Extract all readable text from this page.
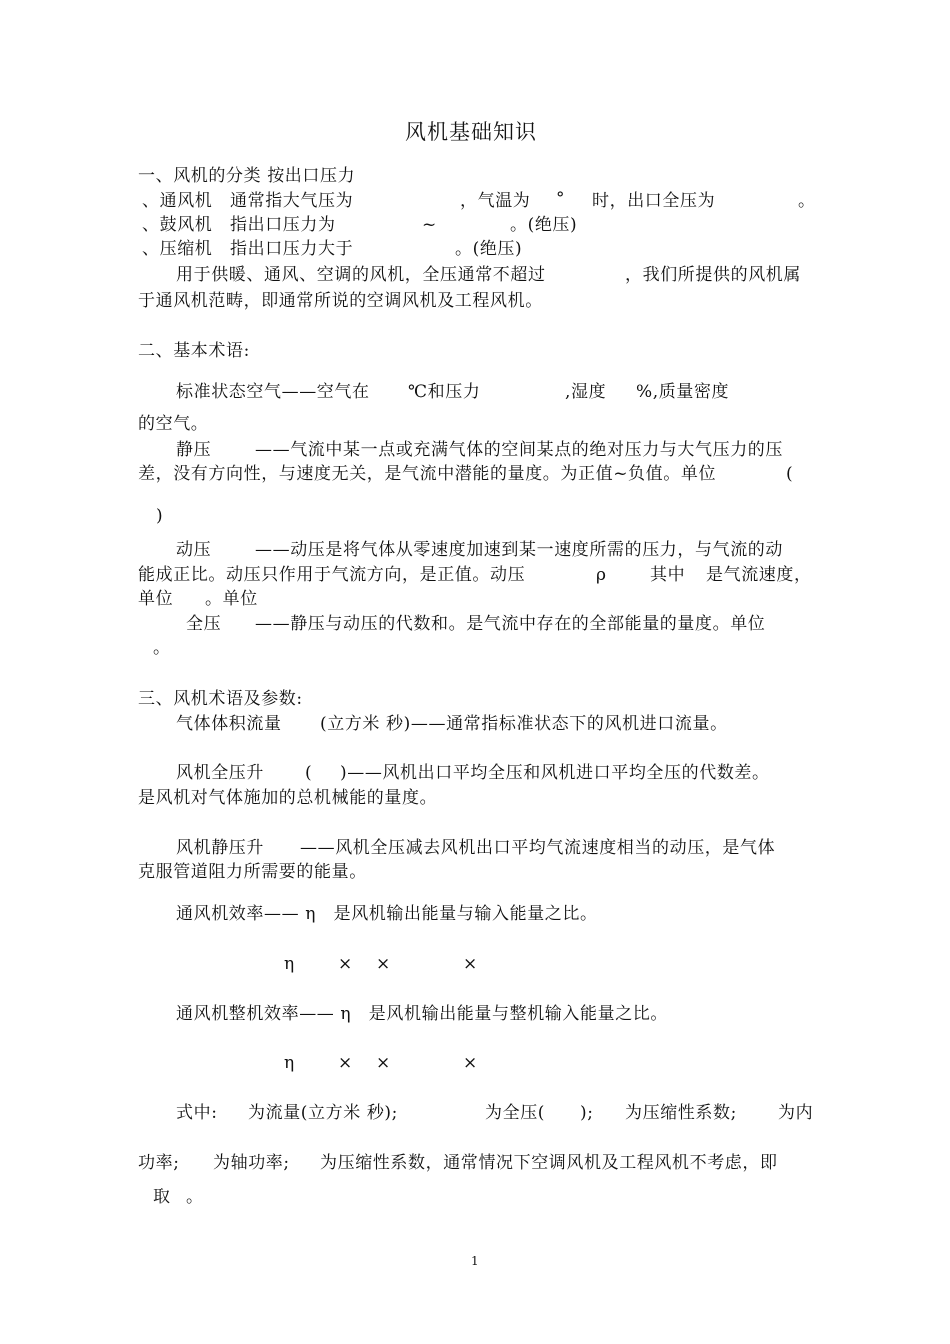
风机基础知识
一、风机的分类 按出口压力
、通风机　通常指大气压为	，气温为 ° 时，出口全压为	。
、鼓风机　指出口压力为	~	。(绝压)
、压缩机　指出口压力大于	。(绝压)
用于供暖、通风、空调的风机，全压通常不超过	，我们所提供的风机属
于通风机范畴，即通常所说的空调风机及工程风机。
二、基本术语:
标准状态空气——空气在 ℃和压力	,湿度 %,质量密度
的空气。
静压	——气流中某一点或充满气体的空间某点的绝对压力与大气压力的压
差，没有方向性，与速度无关，是气流中潜能的量度。为正值~负值。单位	(
)
动压	——动压是将气体从零速度加速到某一速度所需的压力，与气流的动
能成正比。动压只作用于气流方向，是正值。动压	ρ	其中 是气流速度，
单位 。单位
全压 ——静压与动压的代数和。是气流中存在的全部能量的量度。单位
。
三、风机术语及参数:
气体体积流量 (立方米 秒)——通常指标准状态下的风机进口流量。
风机全压升 ( )——风机出口平均全压和风机进口平均全压的代数差。
是风机对气体施加的总机械能的量度。
风机静压升 ——风机全压减去风机出口平均气流速度相当的动压，是气体
克服管道阻力所需要的能量。
通风机效率—— η　是风机输出能量与输入能量之比。
η	× ×	×
通风机整机效率—— η　是风机输出能量与整机输入能量之比。
η	× ×	×
式中: 为流量(立方米 秒);	为全压( ); 为压缩性系数; 为内
功率; 为轴功率; 为压缩性系数，通常情况下空调风机及工程风机不考虑，即
取 。
1
